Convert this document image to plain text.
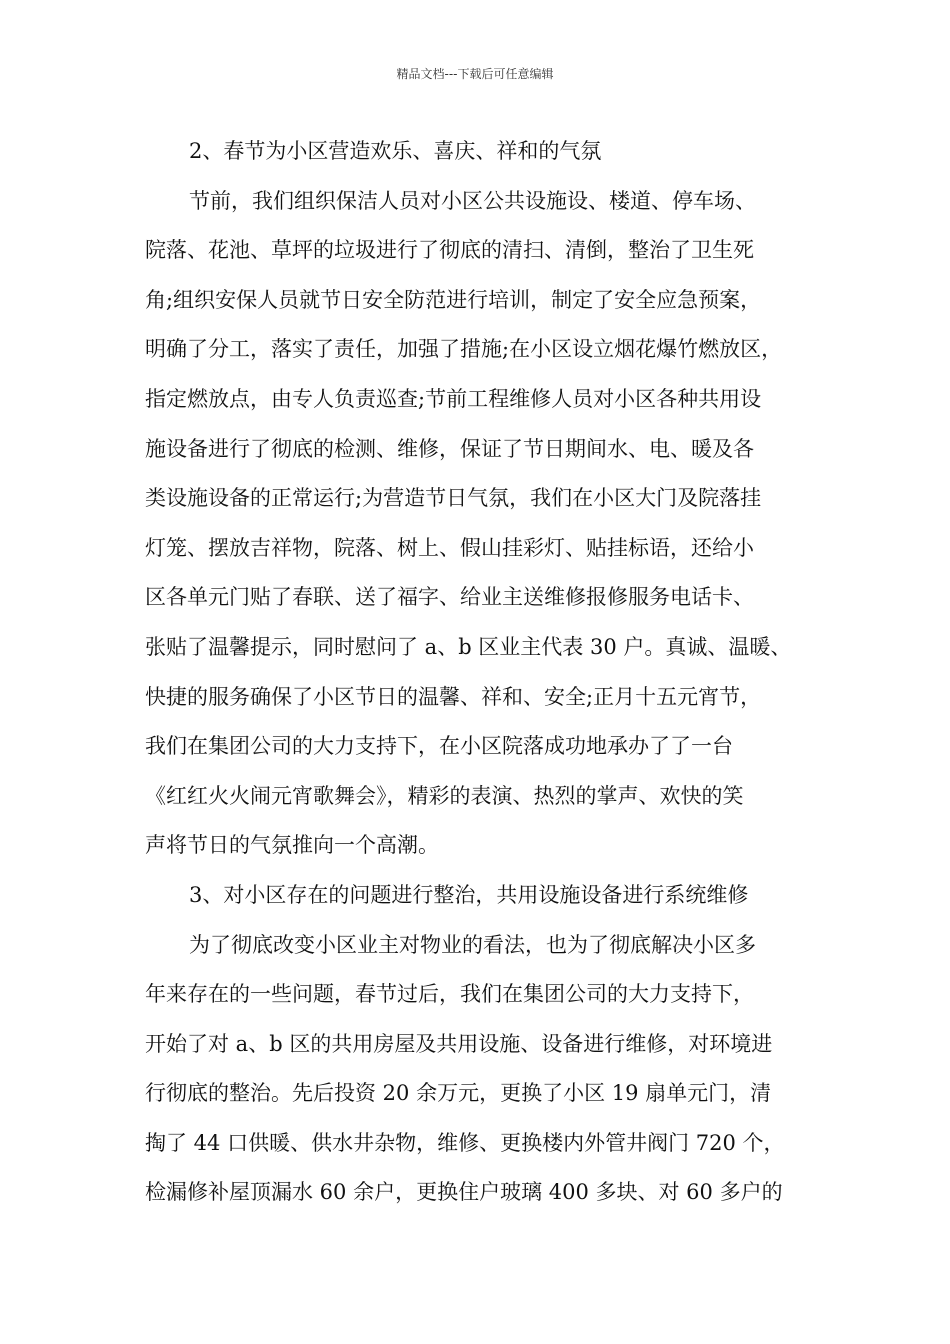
精品文档---下载后可任意编辑
2、春节为小区营造欢乐、喜庆、祥和的气氛
节前，我们组织保洁人员对小区公共设施设、楼道、停车场、
院落、花池、草坪的垃圾进行了彻底的清扫、清倒，整治了卫生死
角;组织安保人员就节日安全防范进行培训，制定了安全应急预案，
明确了分工，落实了责任，加强了措施;在小区设立烟花爆竹燃放区，
指定燃放点，由专人负责巡查;节前工程维修人员对小区各种共用设
施设备进行了彻底的检测、维修，保证了节日期间水、电、暖及各
类设施设备的正常运行;为营造节日气氛，我们在小区大门及院落挂
灯笼、摆放吉祥物，院落、树上、假山挂彩灯、贴挂标语，还给小
区各单元门贴了春联、送了福字、给业主送维修报修服务电话卡、
张贴了温馨提示，同时慰问了 a、b 区业主代表 30 户。真诚、温暖、
快捷的服务确保了小区节日的温馨、祥和、安全;正月十五元宵节，
我们在集团公司的大力支持下，在小区院落成功地承办了了一台
《红红火火闹元宵歌舞会》，精彩的表演、热烈的掌声、欢快的笑
声将节日的气氛推向一个高潮。
3、对小区存在的问题进行整治，共用设施设备进行系统维修
为了彻底改变小区业主对物业的看法，也为了彻底解决小区多
年来存在的一些问题，春节过后，我们在集团公司的大力支持下，
开始了对 a、b 区的共用房屋及共用设施、设备进行维修，对环境进
行彻底的整治。先后投资 20 余万元，更换了小区 19 扇单元门，清
掏了 44 口供暖、供水井杂物，维修、更换楼内外管井阀门 720 个，
检漏修补屋顶漏水 60 余户，更换住户玻璃 400 多块、对 60 多户的
